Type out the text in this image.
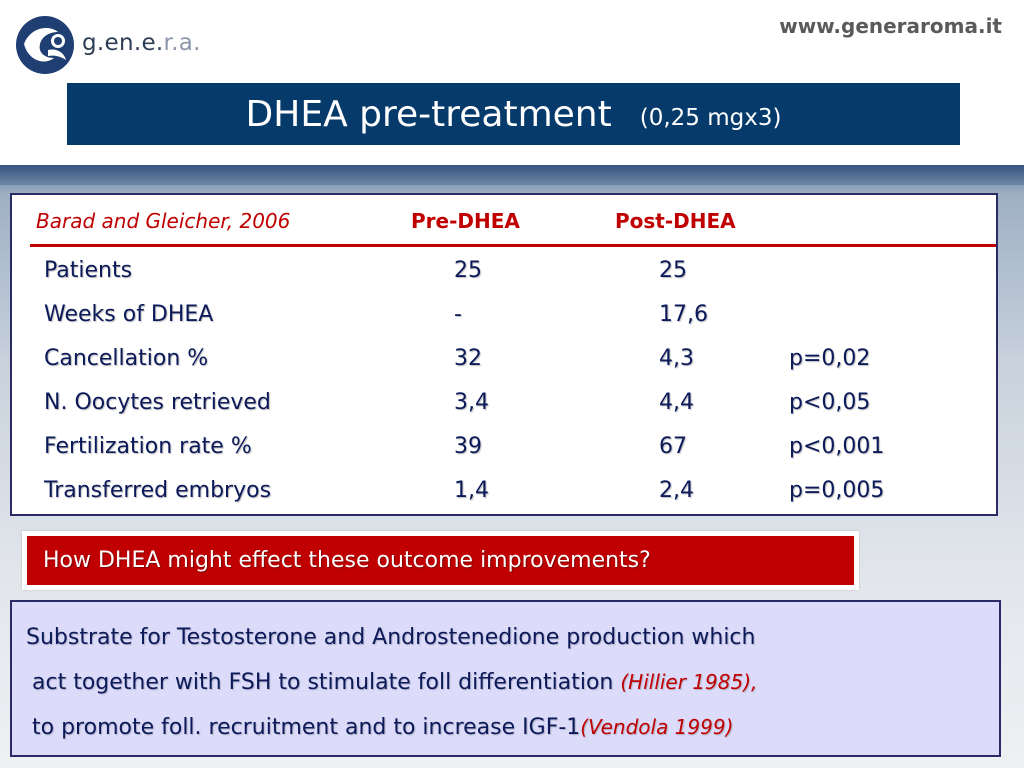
g.en.e.r.a.
www.generaroma.it
DHEA pre-treatment (0,25 mgx3)
Barad and Gleicher, 2006	Pre-DHEA	Post-DHEA
Patients	25	25
Weeks of DHEA	-	17,6
Cancellation %	32	4,3	p=0,02
N. Oocytes retrieved	3,4	4,4	p<0,05
Fertilization rate %	39	67	p<0,001
Transferred embryos	1,4	2,4	p=0,005
How DHEA might effect these outcome improvements?
Substrate for Testosterone and Androstenedione production which
act together with FSH to stimulate foll differentiation (Hillier 1985),
to promote foll. recruitment and to increase IGF-1(Vendola 1999)
